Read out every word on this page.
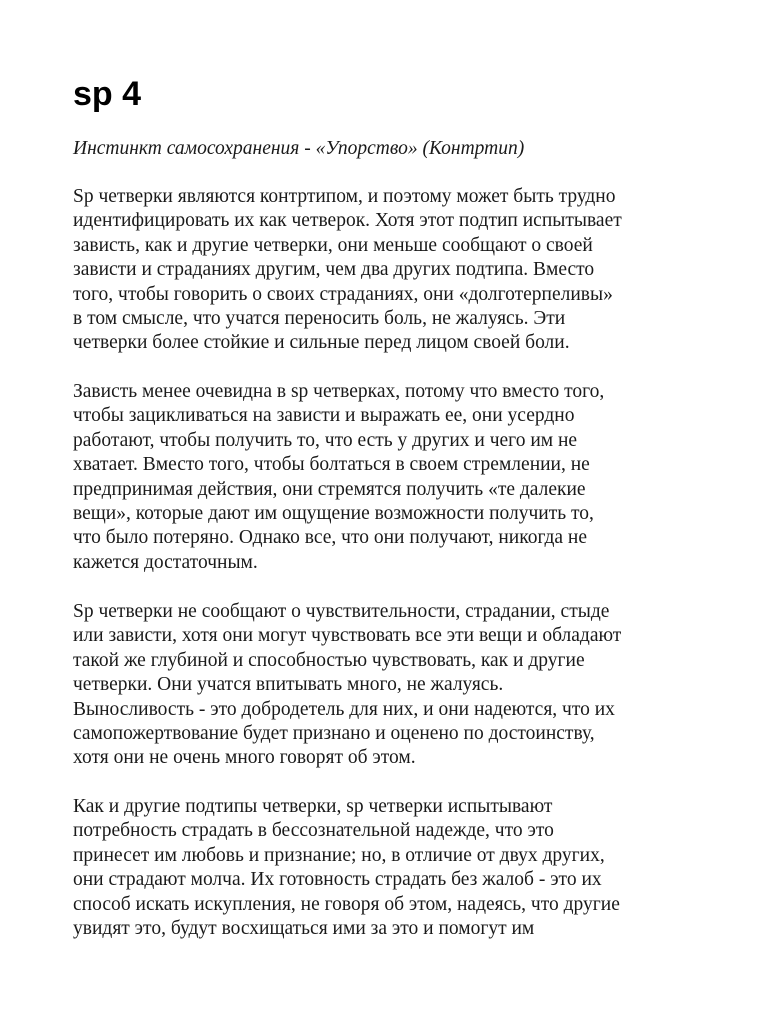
sp 4

Инстинкт самосохранения - «Упорство» (Контртип)

Sp четверки являются контртипом, и поэтому может быть трудно
идентифицировать их как четверок. Хотя этот подтип испытывает
зависть, как и другие четверки, они меньше сообщают о своей
зависти и страданиях другим, чем два других подтипа. Вместо
того, чтобы говорить о своих страданиях, они «долготерпеливы»
в том смысле, что учатся переносить боль, не жалуясь. Эти
четверки более стойкие и сильные перед лицом своей боли.

Зависть менее очевидна в sp четверках, потому что вместо того,
чтобы зацикливаться на зависти и выражать ее, они усердно
работают, чтобы получить то, что есть у других и чего им не
хватает. Вместо того, чтобы болтаться в своем стремлении, не
предпринимая действия, они стремятся получить «те далекие
вещи», которые дают им ощущение возможности получить то,
что было потеряно. Однако все, что они получают, никогда не
кажется достаточным.

Sp четверки не сообщают о чувствительности, страдании, стыде
или зависти, хотя они могут чувствовать все эти вещи и обладают
такой же глубиной и способностью чувствовать, как и другие
четверки. Они учатся впитывать много, не жалуясь.
Выносливость - это добродетель для них, и они надеются, что их
самопожертвование будет признано и оценено по достоинству,
хотя они не очень много говорят об этом.

Как и другие подтипы четверки, sp четверки испытывают
потребность страдать в бессознательной надежде, что это
принесет им любовь и признание; но, в отличие от двух других,
они страдают молча. Их готовность страдать без жалоб - это их
способ искать искупления, не говоря об этом, надеясь, что другие
увидят это, будут восхищаться ими за это и помогут им
